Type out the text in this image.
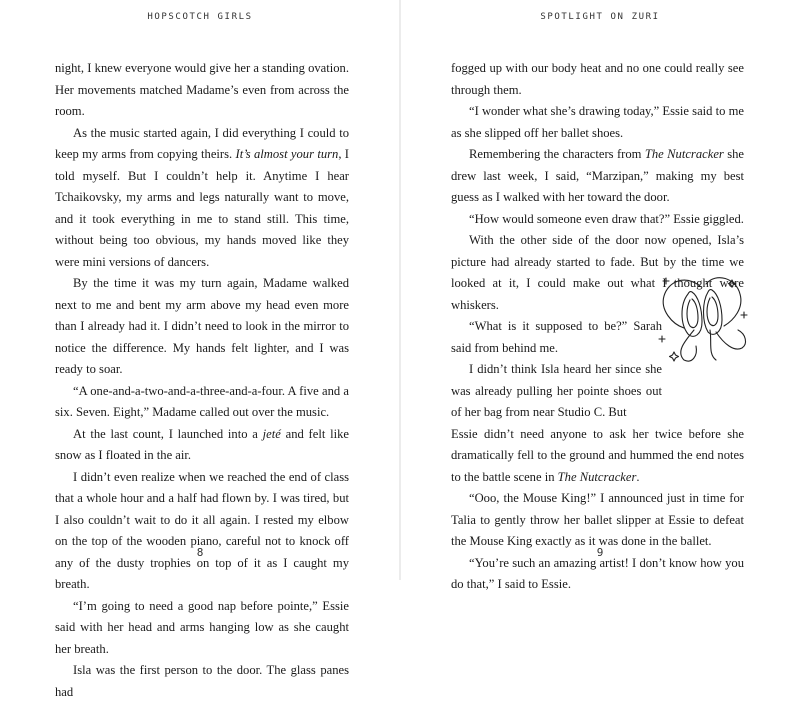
HOPSCOTCH GIRLS

night, I knew everyone would give her a standing ovation. Her movements matched Madame’s even from across the room.

As the music started again, I did everything I could to keep my arms from copying theirs. It’s almost your turn, I told myself. But I couldn’t help it. Anytime I hear Tchaikovsky, my arms and legs naturally want to move, and it took everything in me to stand still. This time, without being too obvious, my hands moved like they were mini versions of dancers.

By the time it was my turn again, Madame walked next to me and bent my arm above my head even more than I already had it. I didn’t need to look in the mirror to notice the difference. My hands felt lighter, and I was ready to soar.

“A one-and-a-two-and-a-three-and-a-four. A five and a six. Seven. Eight,” Madame called out over the music.

At the last count, I launched into a jeté and felt like snow as I floated in the air.

I didn’t even realize when we reached the end of class that a whole hour and a half had flown by. I was tired, but I also couldn’t wait to do it all again. I rested my elbow on the top of the wooden piano, careful not to knock off any of the dusty trophies on top of it as I caught my breath.

“I’m going to need a good nap before pointe,” Essie said with her head and arms hanging low as she caught her breath.

Isla was the first person to the door. The glass panes had

8
SPOTLIGHT ON ZURI

fogged up with our body heat and no one could really see through them.

“I wonder what she’s drawing today,” Essie said to me as she slipped off her ballet shoes.

Remembering the characters from The Nutcracker she drew last week, I said, “Marzipan,” making my best guess as I walked with her toward the door.

“How would someone even draw that?” Essie giggled.

With the other side of the door now opened, Isla’s picture had already started to fade. But by the time we looked at it, I could make out what I thought were whiskers.

“What is it supposed to be?” Sarah said from behind me.

I didn’t think Isla heard her since she was already pulling her pointe shoes out of her bag from near Studio C. But

Essie didn’t need anyone to ask her twice before she dramatically fell to the ground and hummed the end notes to the battle scene in The Nutcracker.

“Ooo, the Mouse King!” I announced just in time for Talia to gently throw her ballet slipper at Essie to defeat the Mouse King exactly as it was done in the ballet.

“You’re such an amazing artist! I don’t know how you do that,” I said to Essie.

9
